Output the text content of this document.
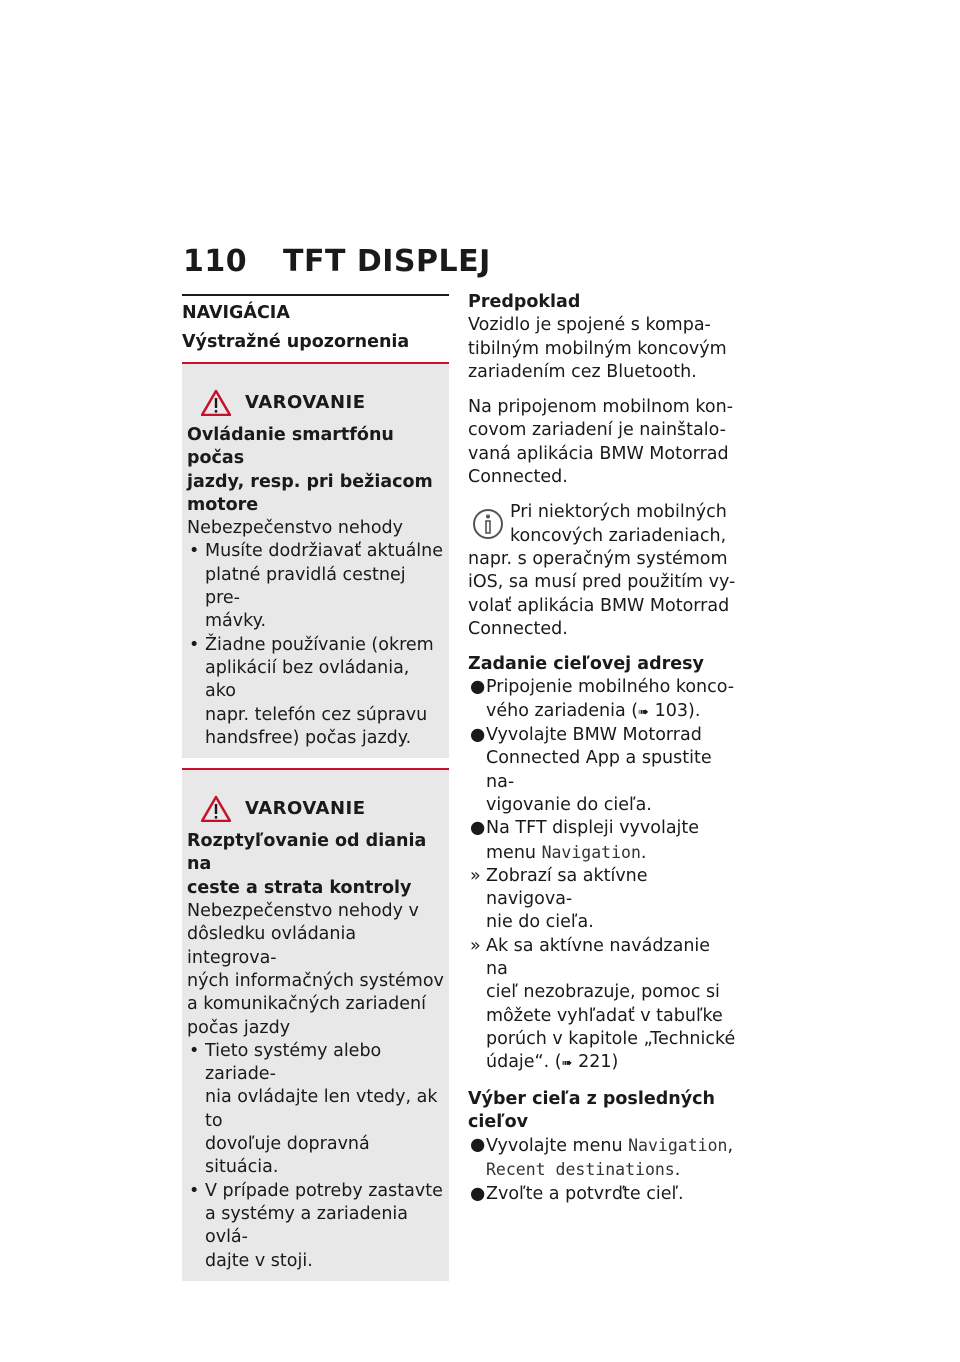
110 TFT DISPLEJ
NAVIGÁCIA
Výstražné upozornenia
VAROVANIE
Ovládanie smartfónu počas
jazdy, resp. pri bežiacom
motore
Nebezpečenstvo nehody
• Musíte dodržiavať aktuálne
platné pravidlá cestnej pre-
mávky.
• Žiadne používanie (okrem
aplikácií bez ovládania, ako
napr. telefón cez súpravu
handsfree) počas jazdy.
VAROVANIE
Rozptyľovanie od diania na
ceste a strata kontroly
Nebezpečenstvo nehody v
dôsledku ovládania integrova-
ných informačných systémov
a komunikačných zariadení
počas jazdy
• Tieto systémy alebo zariade-
nia ovládajte len vtedy, ak to
dovoľuje dopravná situácia.
• V prípade potreby zastavte
a systémy a zariadenia ovlá-
dajte v stoji.
Predpoklad
Vozidlo je spojené s kompa-
tibilným mobilným koncovým
zariadením cez Bluetooth.
Na pripojenom mobilnom kon-
covom zariadení je nainštalo-
vaná aplikácia BMW Motorrad
Connected.
Pri niektorých mobilných
koncových zariadeniach,
napr. s operačným systémom
iOS, sa musí pred použitím vy-
volať aplikácia BMW Motorrad
Connected.
Zadanie cieľovej adresy
● Pripojenie mobilného konco-
vého zariadenia (➠ 103).
● Vyvolajte BMW Motorrad
Connected App a spustite na-
vigovanie do cieľa.
● Na TFT displeji vyvolajte
menu Navigation.
» Zobrazí sa aktívne navigova-
nie do cieľa.
» Ak sa aktívne navádzanie na
cieľ nezobrazuje, pomoc si
môžete vyhľadať v tabuľke
porúch v kapitole „Technické
údaje“. (➠ 221)
Výber cieľa z posledných
cieľov
● Vyvolajte menu Navigation,
Recent destinations.
● Zvoľte a potvrďte cieľ.
